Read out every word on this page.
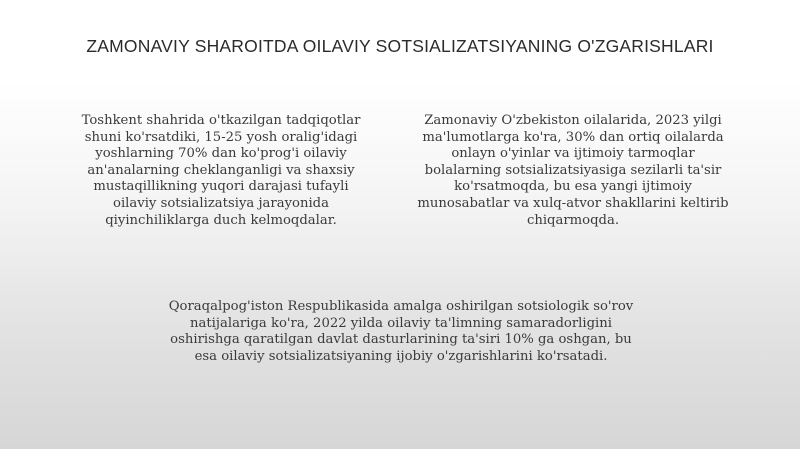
ZAMONAVIY SHAROITDA OILAVIY SOTSIALIZATSIYANING O'ZGARISHLARI
Toshkent shahrida o'tkazilgan tadqiqotlar
shuni ko'rsatdiki, 15-25 yosh oralig'idagi
yoshlarning 70% dan ko'prog'i oilaviy
an'analarning cheklanganligi va shaxsiy
mustaqillikning yuqori darajasi tufayli
oilaviy sotsializatsiya jarayonida
qiyinchiliklarga duch kelmoqdalar.
Zamonaviy O'zbekiston oilalarida, 2023 yilgi
ma'lumotlarga ko'ra, 30% dan ortiq oilalarda
onlayn o'yinlar va ijtimoiy tarmoqlar
bolalarning sotsializatsiyasiga sezilarli ta'sir
ko'rsatmoqda, bu esa yangi ijtimoiy
munosabatlar va xulq-atvor shakllarini keltirib
chiqarmoqda.
Qoraqalpog'iston Respublikasida amalga oshirilgan sotsiologik so'rov
natijalariga ko'ra, 2022 yilda oilaviy ta'limning samaradorligini
oshirishga qaratilgan davlat dasturlarining ta'siri 10% ga oshgan, bu
esa oilaviy sotsializatsiyaning ijobiy o'zgarishlarini ko'rsatadi.
